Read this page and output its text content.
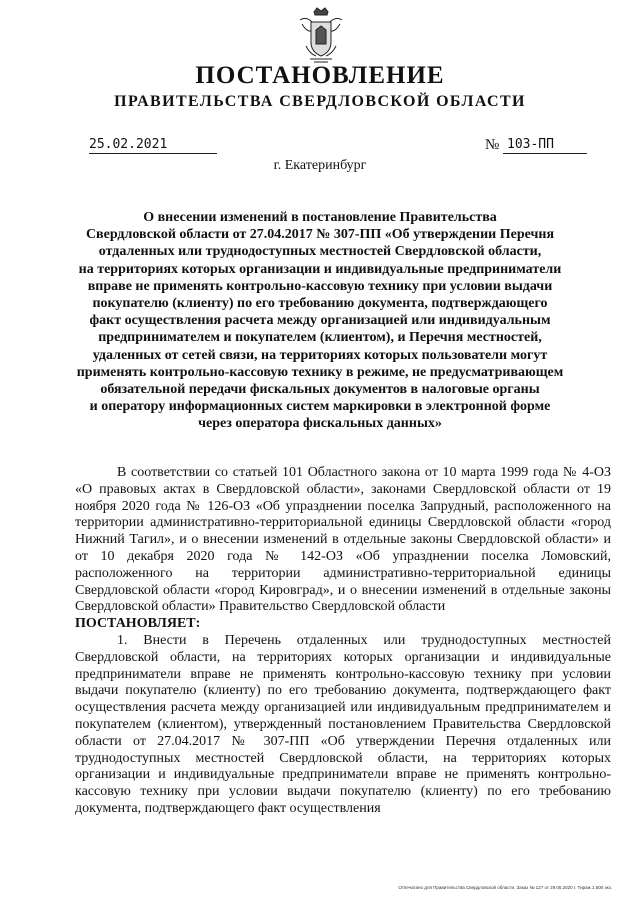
ПОСТАНОВЛЕНИЕ
ПРАВИТЕЛЬСТВА СВЕРДЛОВСКОЙ ОБЛАСТИ
25.02.2021	№ 103-ПП
г. Екатеринбург
О внесении изменений в постановление Правительства
Свердловской области от 27.04.2017 № 307-ПП «Об утверждении Перечня
отдаленных или труднодоступных местностей Свердловской области,
на территориях которых организации и индивидуальные предприниматели
вправе не применять контрольно-кассовую технику при условии выдачи
покупателю (клиенту) по его требованию документа, подтверждающего
факт осуществления расчета между организацией или индивидуальным
предпринимателем и покупателем (клиентом), и Перечня местностей,
удаленных от сетей связи, на территориях которых пользователи могут
применять контрольно-кассовую технику в режиме, не предусматривающем
обязательной передачи фискальных документов в налоговые органы
и оператору информационных систем маркировки в электронной форме
через оператора фискальных данных»

В соответствии со статьей 101 Областного закона от 10 марта 1999 года № 4-ОЗ «О правовых актах в Свердловской области», законами Свердловской области от 19 ноября 2020 года № 126-ОЗ «Об упразднении поселка Запрудный, расположенного на территории административно-территориальной единицы Свердловской области «город Нижний Тагил», и о внесении изменений в отдельные законы Свердловской области» и от 10 декабря 2020 года № 142-ОЗ «Об упразднении поселка Ломовский, расположенного на территории административно-территориальной единицы Свердловской области «город Кировград», и о внесении изменений в отдельные законы Свердловской области» Правительство Свердловской области

ПОСТАНОВЛЯЕТ:

1. Внести в Перечень отдаленных или труднодоступных местностей Свердловской области, на территориях которых организации и индивидуальные предприниматели вправе не применять контрольно-кассовую технику при условии выдачи покупателю (клиенту) по его требованию документа, подтверждающего факт осуществления расчета между организацией или индивидуальным предпринимателем и покупателем (клиентом), утвержденный постановлением Правительства Свердловской области от 27.04.2017 № 307-ПП «Об утверждении Перечня отдаленных или труднодоступных местностей Свердловской области, на территориях которых организации и индивидуальные предприниматели вправе не применять контрольно-кассовую технику при условии выдачи покупателю (клиенту) по его требованию документа, подтверждающего факт осуществления

Отпечатано для Правительства Свердловской области. Заказ № 127 от 29.05.2020 г. Тираж 1 500 экз.
